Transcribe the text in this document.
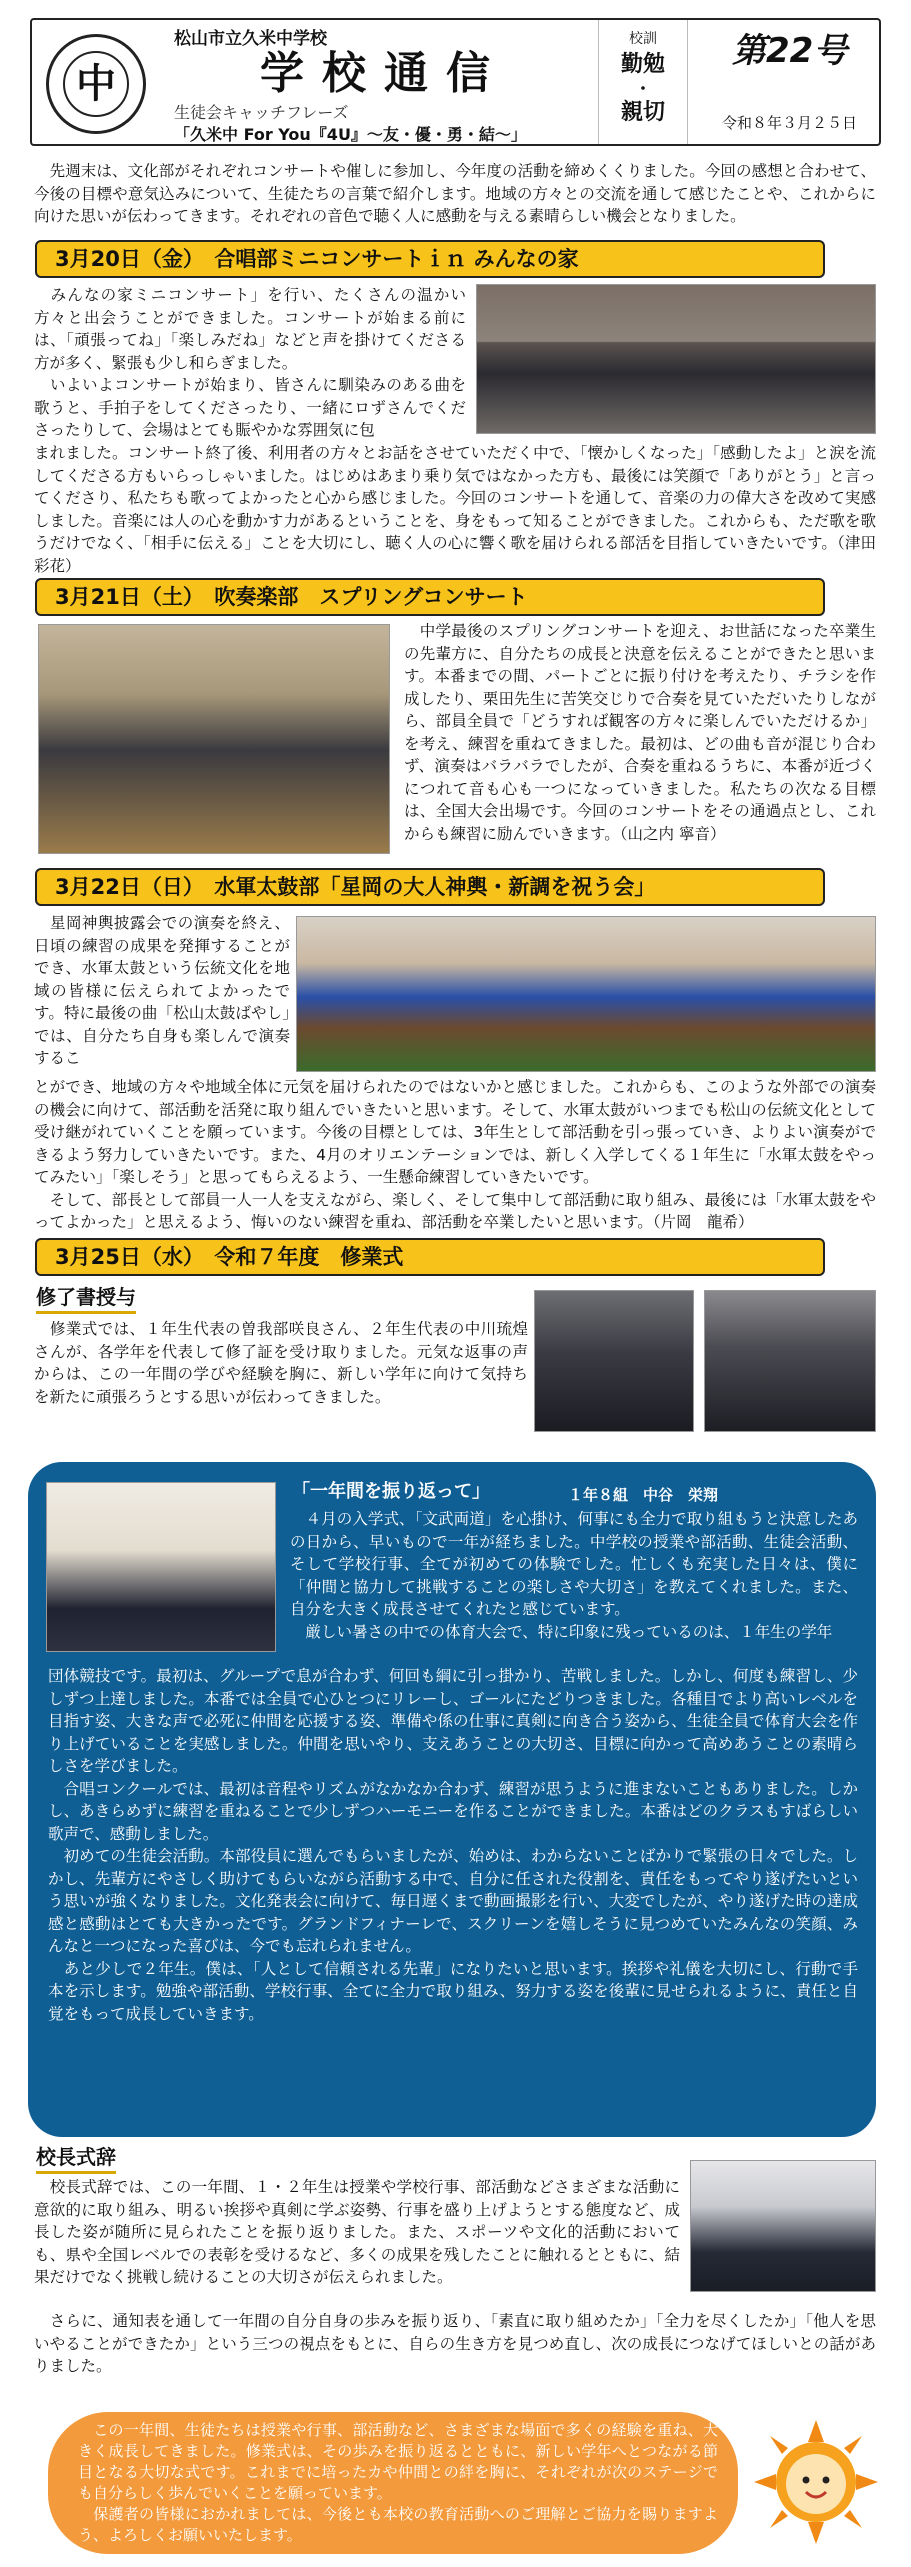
中
松山市立久米中学校
学校通信
生徒会キャッチフレーズ
「久米中 For You『4U』～友・優・勇・結～」
校訓
勤勉
・
親切
第22号
令和８年３月２５日
　先週末は、文化部がそれぞれコンサートや催しに参加し、今年度の活動を締めくくりました。今回の感想と合わせて、今後の目標や意気込みについて、生徒たちの言葉で紹介します。地域の方々との交流を通して感じたことや、これからに向けた思いが伝わってきます。それぞれの音色で聴く人に感動を与える素晴らしい機会となりました。
3月20日（金）　合唱部ミニコンサートｉｎ みんなの家
　みんなの家ミニコンサート」を行い、たくさんの温かい方々と出会うことができました。コンサートが始まる前には、「頑張ってね」「楽しみだね」などと声を掛けてくださる方が多く、緊張も少し和らぎました。
　いよいよコンサートが始まり、皆さんに馴染みのある曲を歌うと、手拍子をしてくださったり、一緒にロずさんでくださったりして、会場はとても賑やかな雰囲気に包
まれました。コンサート終了後、利用者の方々とお話をさせていただく中で、「懐かしくなった」「感動したよ」と涙を流してくださる方もいらっしゃいました。はじめはあまり乗り気ではなかった方も、最後には笑顔で「ありがとう」と言ってくださり、私たちも歌ってよかったと心から感じました。今回のコンサートを通して、音楽の力の偉大さを改めて実感しました。音楽には人の心を動かす力があるということを、身をもって知ることができました。これからも、ただ歌を歌うだけでなく、「相手に伝える」ことを大切にし、聴く人の心に響く歌を届けられる部活を目指していきたいです。（津田彩花）
3月21日（土）　吹奏楽部　スプリングコンサート
　中学最後のスプリングコンサートを迎え、お世話になった卒業生の先輩方に、自分たちの成長と決意を伝えることができたと思います。本番までの間、パートごとに振り付けを考えたり、チラシを作成したり、栗田先生に苦笑交じりで合奏を見ていただいたりしながら、部員全員で「どうすれば観客の方々に楽しんでいただけるか」を考え、練習を重ねてきました。最初は、どの曲も音が混じり合わず、演奏はバラバラでしたが、合奏を重ねるうちに、本番が近づくにつれて音も心も一つになっていきました。私たちの次なる目標は、全国大会出場です。今回のコンサートをその通過点とし、これからも練習に励んでいきます。（山之内 寧音）
3月22日（日）　水軍太鼓部「星岡の大人神輿・新調を祝う会」
　星岡神輿披露会での演奏を終え、日頃の練習の成果を発揮することができ、水軍太鼓という伝統文化を地域の皆様に伝えられてよかったです。特に最後の曲「松山太鼓ばやし」では、自分たち自身も楽しんで演奏するこ
とができ、地域の方々や地域全体に元気を届けられたのではないかと感じました。これからも、このような外部での演奏の機会に向けて、部活動を活発に取り組んでいきたいと思います。そして、水軍太鼓がいつまでも松山の伝統文化として受け継がれていくことを願っています。今後の目標としては、3年生として部活動を引っ張っていき、よりよい演奏ができるよう努力していきたいです。また、4月のオリエンテーションでは、新しく入学してくる１年生に「水軍太鼓をやってみたい」「楽しそう」と思ってもらえるよう、一生懸命練習していきたいです。
　そして、部長として部員一人一人を支えながら、楽しく、そして集中して部活動に取り組み、最後には「水軍太鼓をやってよかった」と思えるよう、悔いのない練習を重ね、部活動を卒業したいと思います。（片岡　龍希）
3月25日（水）　令和７年度　修業式
修了書授与
　修業式では、１年生代表の曽我部咲良さん、２年生代表の中川琉煌さんが、各学年を代表して修了証を受け取りました。元気な返事の声からは、この一年間の学びや経験を胸に、新しい学年に向けて気持ちを新たに頑張ろうとする思いが伝わってきました。
「一年間を振り返って」	１年８組　中谷　栄翔
　４月の入学式、「文武両道」を心掛け、何事にも全力で取り組もうと決意したあの日から、早いもので一年が経ちました。中学校の授業や部活動、生徒会活動、そして学校行事、全てが初めての体験でした。忙しくも充実した日々は、僕に「仲間と協力して挑戦することの楽しさや大切さ」を教えてくれました。また、自分を大きく成長させてくれたと感じています。
　厳しい暑さの中での体育大会で、特に印象に残っているのは、１年生の学年
団体競技です。最初は、グループで息が合わず、何回も綱に引っ掛かり、苦戦しました。しかし、何度も練習し、少しずつ上達しました。本番では全員で心ひとつにリレーし、ゴールにたどりつきました。各種目でより高いレベルを目指す姿、大きな声で必死に仲間を応援する姿、準備や係の仕事に真剣に向き合う姿から、生徒全員で体育大会を作り上げていることを実感しました。仲間を思いやり、支えあうことの大切さ、目標に向かって高めあうことの素晴らしさを学びました。
　合唱コンクールでは、最初は音程やリズムがなかなか合わず、練習が思うように進まないこともありました。しかし、あきらめずに練習を重ねることで少しずつハーモニーを作ることができました。本番はどのクラスもすばらしい歌声で、感動しました。
　初めての生徒会活動。本部役員に選んでもらいましたが、始めは、わからないことばかりで緊張の日々でした。しかし、先輩方にやさしく助けてもらいながら活動する中で、自分に任された役割を、責任をもってやり遂げたいという思いが強くなりました。文化発表会に向けて、毎日遅くまで動画撮影を行い、大変でしたが、やり遂げた時の達成感と感動はとても大きかったです。グランドフィナーレで、スクリーンを嬉しそうに見つめていたみんなの笑顔、みんなと一つになった喜びは、今でも忘れられません。
　あと少しで２年生。僕は、「人として信頼される先輩」になりたいと思います。挨拶や礼儀を大切にし、行動で手本を示します。勉強や部活動、学校行事、全てに全力で取り組み、努力する姿を後輩に見せられるように、責任と自覚をもって成長していきます。
校長式辞
　校長式辞では、この一年間、１・２年生は授業や学校行事、部活動などさまざまな活動に意欲的に取り組み、明るい挨拶や真剣に学ぶ姿勢、行事を盛り上げようとする態度など、成長した姿が随所に見られたことを振り返りました。また、スポーツや文化的活動においても、県や全国レベルでの表彰を受けるなど、多くの成果を残したことに触れるとともに、結果だけでなく挑戦し続けることの大切さが伝えられました。
　さらに、通知表を通して一年間の自分自身の歩みを振り返り、「素直に取り組めたか」「全力を尽くしたか」「他人を思いやることができたか」という三つの視点をもとに、自らの生き方を見つめ直し、次の成長につなげてほしいとの話がありました。
　この一年間、生徒たちは授業や行事、部活動など、さまざまな場面で多くの経験を重ね、大きく成長してきました。修業式は、その歩みを振り返るとともに、新しい学年へとつながる節目となる大切な式です。これまでに培ったカや仲間との絆を胸に、それぞれが次のステージでも自分らしく歩んでいくことを願っています。
　保護者の皆様におかれましては、今後とも本校の教育活動へのご理解とご協力を賜りますよう、よろしくお願いいたします。
